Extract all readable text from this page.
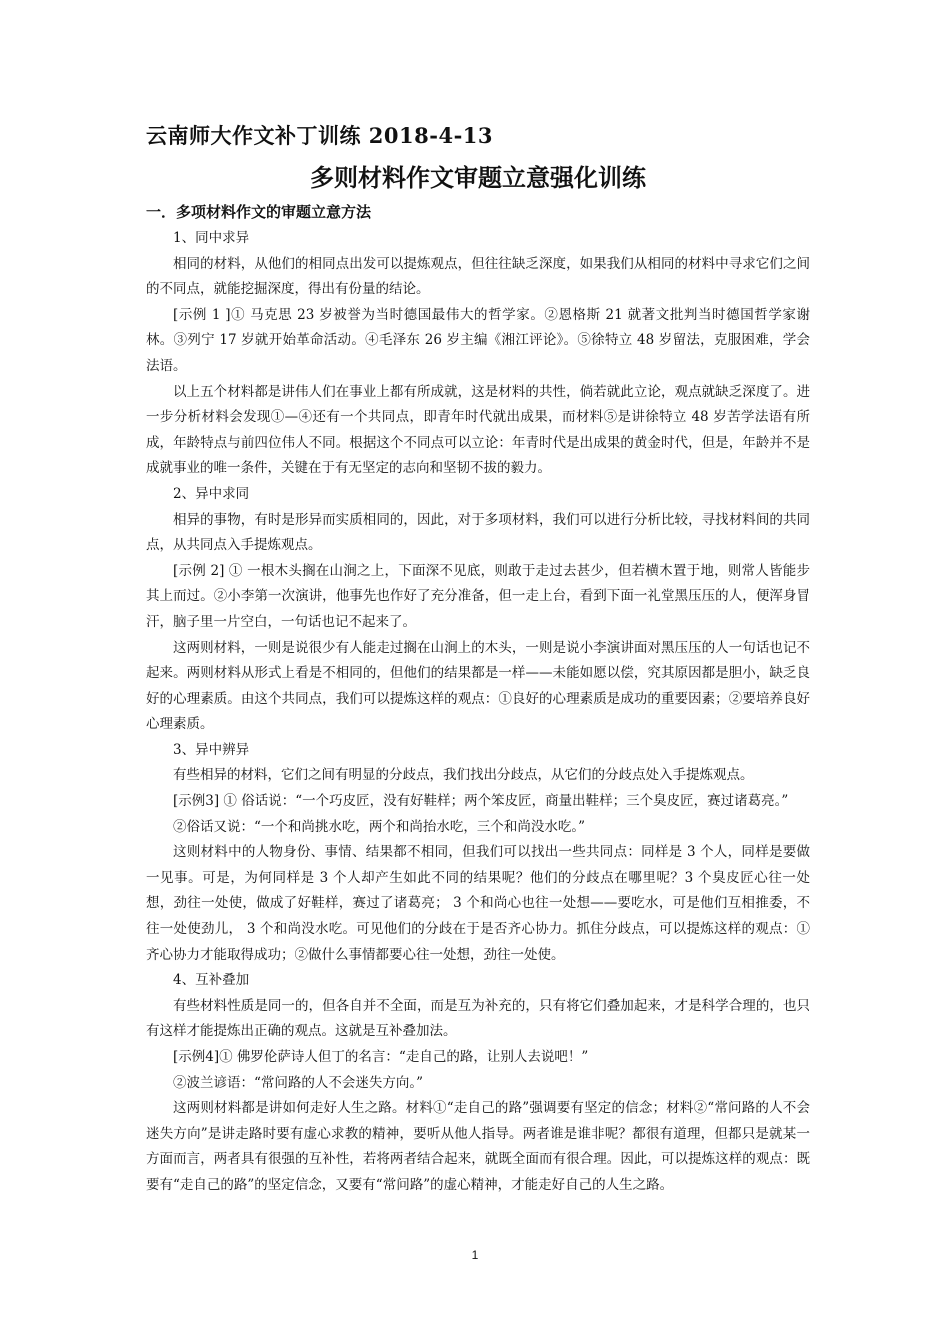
云南师大作文补丁训练 2018-4-13
多则材料作文审题立意强化训练
一．多项材料作文的审题立意方法

1、同中求异

相同的材料，从他们的相同点出发可以提炼观点，但往往缺乏深度，如果我们从相同的材料中寻求它们之间的不同点，就能挖掘深度，得出有份量的结论。

[示例 1 ]① 马克思 23 岁被誉为当时德国最伟大的哲学家。②恩格斯 21 就著文批判当时德国哲学家谢林。③列宁 17 岁就开始革命活动。④毛泽东 26 岁主编《湘江评论》。⑤徐特立 48 岁留法，克服困难，学会法语。

以上五个材料都是讲伟人们在事业上都有所成就，这是材料的共性，倘若就此立论，观点就缺乏深度了。进一步分析材料会发现①—④还有一个共同点，即青年时代就出成果，而材料⑤是讲徐特立 48 岁苦学法语有所成，年龄特点与前四位伟人不同。根据这个不同点可以立论：年青时代是出成果的黄金时代，但是，年龄并不是成就事业的唯一条件，关键在于有无坚定的志向和坚韧不拔的毅力。

2、异中求同

相异的事物，有时是形异而实质相同的，因此，对于多项材料，我们可以进行分析比较，寻找材料间的共同点，从共同点入手提炼观点。

[示例 2] ① 一根木头搁在山涧之上，下面深不见底，则敢于走过去甚少，但若横木置于地，则常人皆能步其上而过。②小李第一次演讲，他事先也作好了充分准备，但一走上台，看到下面一礼堂黑压压的人，便浑身冒汗，脑子里一片空白，一句话也记不起来了。

这两则材料，一则是说很少有人能走过搁在山涧上的木头，一则是说小李演讲面对黑压压的人一句话也记不起来。两则材料从形式上看是不相同的，但他们的结果都是一样——未能如愿以偿，究其原因都是胆小，缺乏良好的心理素质。由这个共同点，我们可以提炼这样的观点：①良好的心理素质是成功的重要因素；②要培养良好心理素质。

3、异中辨异

有些相异的材料，它们之间有明显的分歧点，我们找出分歧点，从它们的分歧点处入手提炼观点。

[示例3] ① 俗话说：“一个巧皮匠，没有好鞋样；两个笨皮匠，商量出鞋样；三个臭皮匠，赛过诸葛亮。”

②俗话又说：“一个和尚挑水吃，两个和尚抬水吃，三个和尚没水吃。”

这则材料中的人物身份、事情、结果都不相同，但我们可以找出一些共同点：同样是 3 个人，同样是要做一见事。可是，为何同样是 3 个人却产生如此不同的结果呢？他们的分歧点在哪里呢？3 个臭皮匠心往一处想，劲往一处使，做成了好鞋样，赛过了诸葛亮； 3 个和尚心也往一处想——要吃水，可是他们互相推委，不往一处使劲儿， 3 个和尚没水吃。可见他们的分歧在于是否齐心协力。抓住分歧点，可以提炼这样的观点：①齐心协力才能取得成功；②做什么事情都要心往一处想，劲往一处使。

4、互补叠加

有些材料性质是同一的，但各自并不全面，而是互为补充的，只有将它们叠加起来，才是科学合理的，也只有这样才能提炼出正确的观点。这就是互补叠加法。

[示例4]① 佛罗伦萨诗人但丁的名言：“走自己的路，让别人去说吧！”

②波兰谚语：“常问路的人不会迷失方向。”

这两则材料都是讲如何走好人生之路。材料①“走自己的路”强调要有坚定的信念；材料②“常问路的人不会迷失方向”是讲走路时要有虚心求教的精神，要听从他人指导。两者谁是谁非呢？都很有道理，但都只是就某一方面而言，两者具有很强的互补性，若将两者结合起来，就既全面而有很合理。因此，可以提炼这样的观点：既要有“走自己的路”的坚定信念，又要有“常问路”的虚心精神，才能走好自己的人生之路。

1
